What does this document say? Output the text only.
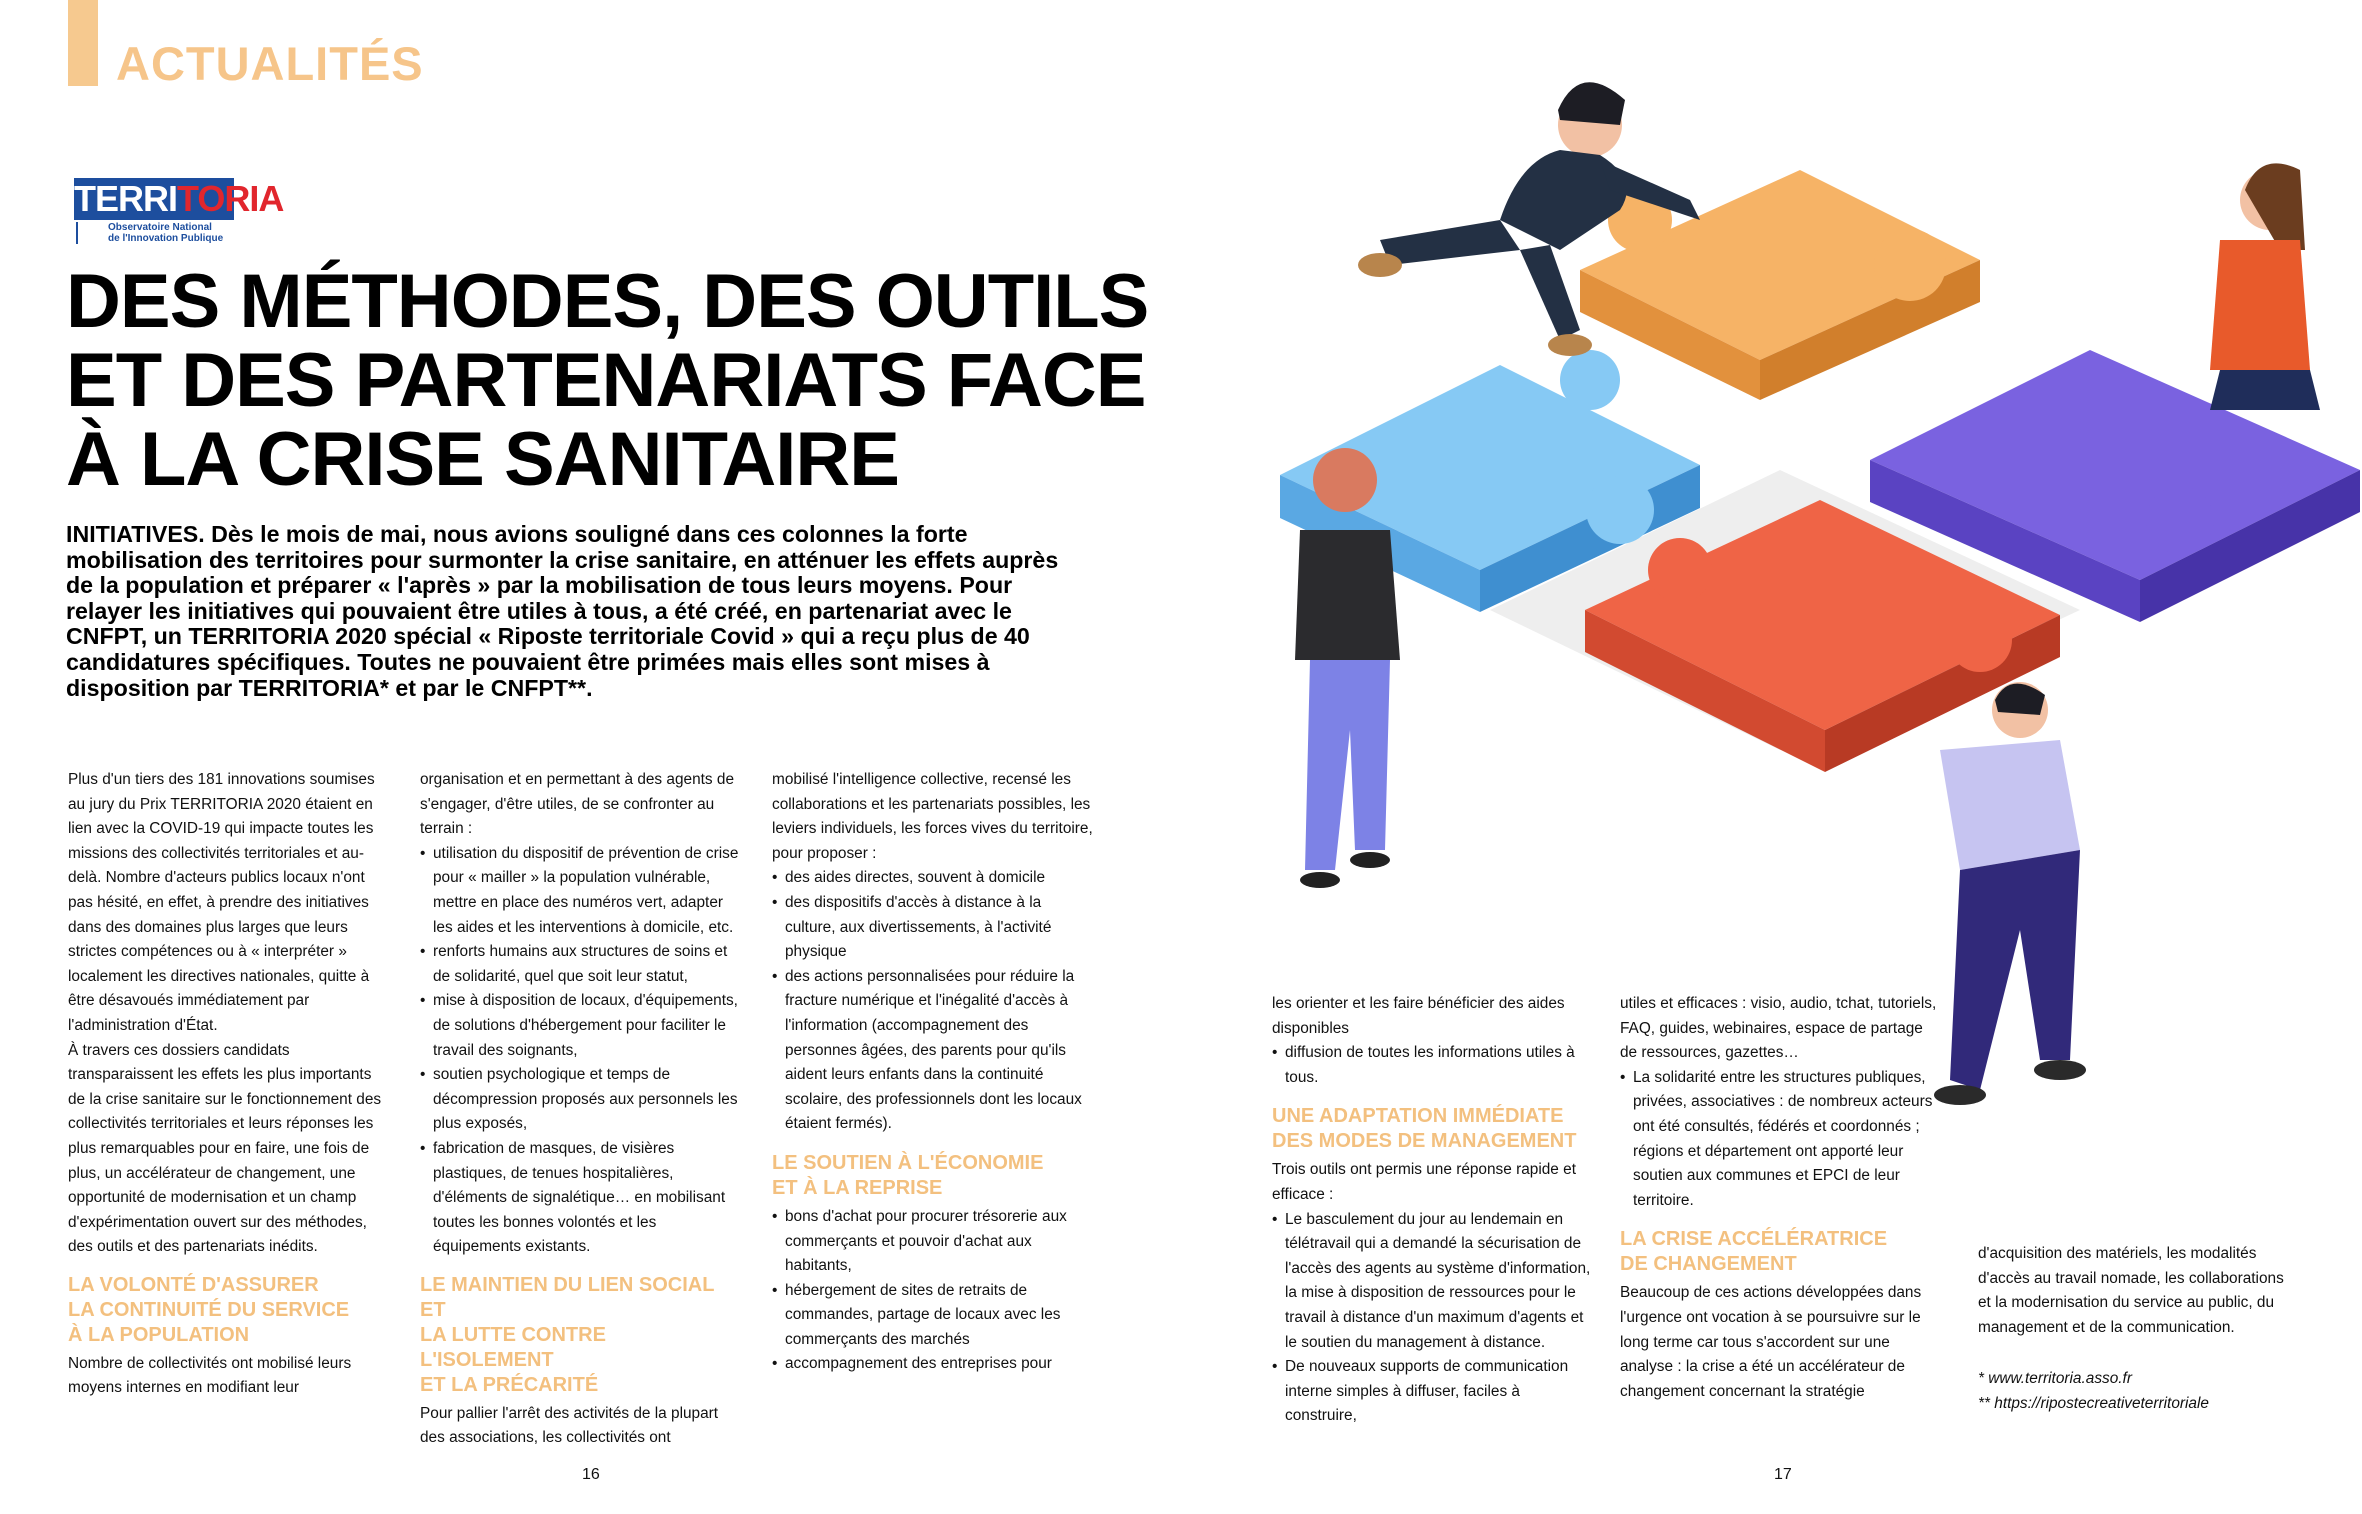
ACTUALITÉS
TERRITORIA
Observatoire National
de l'Innovation Publique
DES MÉTHODES, DES OUTILS
ET DES PARTENARIATS FACE
À LA CRISE SANITAIRE

INITIATIVES. Dès le mois de mai, nous avions souligné dans ces colonnes la forte mobilisation des territoires pour surmonter la crise sanitaire, en atténuer les effets auprès de la population et préparer « l'après » par la mobilisation de tous leurs moyens. Pour relayer les initiatives qui pouvaient être utiles à tous, a été créé, en partenariat avec le CNFPT, un TERRITORIA 2020 spécial « Riposte territoriale Covid » qui a reçu plus de 40 candidatures spécifiques. Toutes ne pouvaient être primées mais elles sont mises à disposition par TERRITORIA* et par le CNFPT**.

Plus d'un tiers des 181 innovations soumises au jury du Prix TERRITORIA 2020 étaient en lien avec la COVID-19 qui impacte toutes les missions des collectivités territoriales et au-delà. Nombre d'acteurs publics locaux n'ont pas hésité, en effet, à prendre des initiatives dans des domaines plus larges que leurs strictes compétences ou à « interpréter » localement les directives nationales, quitte à être désavoués immédiatement par l'administration d'État.

À travers ces dossiers candidats transparaissent les effets les plus importants de la crise sanitaire sur le fonctionnement des collectivités territoriales et leurs réponses les plus remarquables pour en faire, une fois de plus, un accélérateur de changement, une opportunité de modernisation et un champ d'expérimentation ouvert sur des méthodes, des outils et des partenariats inédits.

LA VOLONTÉ D'ASSURER
LA CONTINUITÉ DU SERVICE
À LA POPULATION

Nombre de collectivités ont mobilisé leurs moyens internes en modifiant leur

organisation et en permettant à des agents de s'engager, d'être utiles, de se confronter au terrain :

• utilisation du dispositif de prévention de crise pour « mailler » la population vulnérable, mettre en place des numéros vert, adapter les aides et les interventions à domicile, etc.
• renforts humains aux structures de soins et de solidarité, quel que soit leur statut,
• mise à disposition de locaux, d'équipements, de solutions d'hébergement pour faciliter le travail des soignants,
• soutien psychologique et temps de décompression proposés aux personnels les plus exposés,
• fabrication de masques, de visières plastiques, de tenues hospitalières, d'éléments de signalétique… en mobilisant toutes les bonnes volontés et les équipements existants.
LE MAINTIEN DU LIEN SOCIAL ET
LA LUTTE CONTRE L'ISOLEMENT
ET LA PRÉCARITÉ

Pour pallier l'arrêt des activités de la plupart des associations, les collectivités ont

mobilisé l'intelligence collective, recensé les collaborations et les partenariats possibles, les leviers individuels, les forces vives du territoire, pour proposer :

• des aides directes, souvent à domicile
• des dispositifs d'accès à distance à la culture, aux divertissements, à l'activité physique
• des actions personnalisées pour réduire la fracture numérique et l'inégalité d'accès à l'information (accompagnement des personnes âgées, des parents pour qu'ils aident leurs enfants dans la continuité scolaire, des professionnels dont les locaux étaient fermés).
LE SOUTIEN À L'ÉCONOMIE
ET À LA REPRISE
• bons d'achat pour procurer trésorerie aux commerçants et pouvoir d'achat aux habitants,
• hébergement de sites de retraits de commandes, partage de locaux avec les commerçants des marchés
• accompagnement des entreprises pour

les orienter et les faire bénéficier des aides disponibles

• diffusion de toutes les informations utiles à tous.
UNE ADAPTATION IMMÉDIATE
DES MODES DE MANAGEMENT

Trois outils ont permis une réponse rapide et efficace :

• Le basculement du jour au lendemain en télétravail qui a demandé la sécurisation de l'accès des agents au système d'information, la mise à disposition de ressources pour le travail à distance d'un maximum d'agents et le soutien du management à distance.
• De nouveaux supports de communication interne simples à diffuser, faciles à construire,

utiles et efficaces : visio, audio, tchat, tutoriels, FAQ, guides, webinaires, espace de partage de ressources, gazettes…

• La solidarité entre les structures publiques, privées, associatives : de nombreux acteurs ont été consultés, fédérés et coordonnés ; régions et département ont apporté leur soutien aux communes et EPCI de leur territoire.
LA CRISE ACCÉLÉRATRICE
DE CHANGEMENT

Beaucoup de ces actions développées dans l'urgence ont vocation à se poursuivre sur le long terme car tous s'accordent sur une analyse : la crise a été un accélérateur de changement concernant la stratégie

d'acquisition des matériels, les modalités d'accès au travail nomade, les collaborations et la modernisation du service au public, du management et de la communication.

* www.territoria.asso.fr

** https://ripostecreativeterritoriale

16	17
